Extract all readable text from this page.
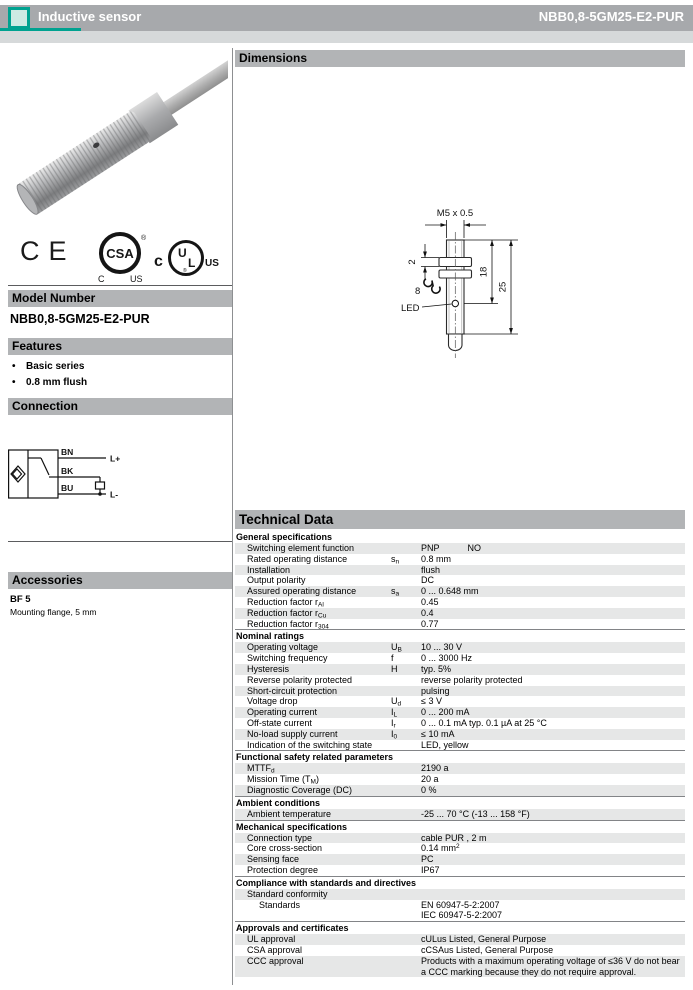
Inductive sensor	NBB0,8-5GM25-E2-PUR
CE CSA
®
C	US
c U
L
®
US
Model Number
NBB0,8-5GM25-E2-PUR
Features
• Basic series
• 0.8 mm flush
Connection
BN
BK
BU
L+
L-
Accessories
BF 5
Mounting flange, 5 mm
Dimensions
M5 x 0.5
2
8
LED
18
25
Technical Data
General specifications
Switching element function	PNP	NO
Rated operating distance	$s_n$	0.8 mm
Installation	flush
Output polarity	DC
Assured operating distance	$s_a$	0 ... 0.648 mm
Reduction factor $r_{Al}$	0.45
Reduction factor $r_{Cu}$	0.4
Reduction factor $r_{304}$	0.77
Nominal ratings
Operating voltage	$U_B$	10 ... 30 V
Switching frequency	f	0 ... 3000 Hz
Hysteresis	H	typ. 5%
Reverse polarity protected	reverse polarity protected
Short-circuit protection	pulsing
Voltage drop	$U_d$	≤ 3 V
Operating current	$I_L$	0 ... 200 mA
Off-state current	$I_r$	0 ... 0.1 mA typ. 0.1 µA at 25 °C
No-load supply current	$I_0$	≤ 10 mA
Indication of the switching state	LED, yellow
Functional safety related parameters
$MTTF_d$	2190 a
Mission Time $(T_M)$	20 a
Diagnostic Coverage (DC)	0 %
Ambient conditions
Ambient temperature	-25 ... 70 °C (-13 ... 158 °F)
Mechanical specifications
Connection type	cable PUR , 2 m
Core cross-section	0.14 $mm^2$
Sensing face	PC
Protection degree	IP67
Compliance with standards and directives
Standard conformity
Standards	EN 60947-5-2:2007
IEC 60947-5-2:2007
Approvals and certificates
UL approval	cULus Listed, General Purpose
CSA approval	cCSAus Listed, General Purpose
CCC approval	Products with a maximum operating voltage of ≤36 V do not bear a CCC marking because they do not require approval.
